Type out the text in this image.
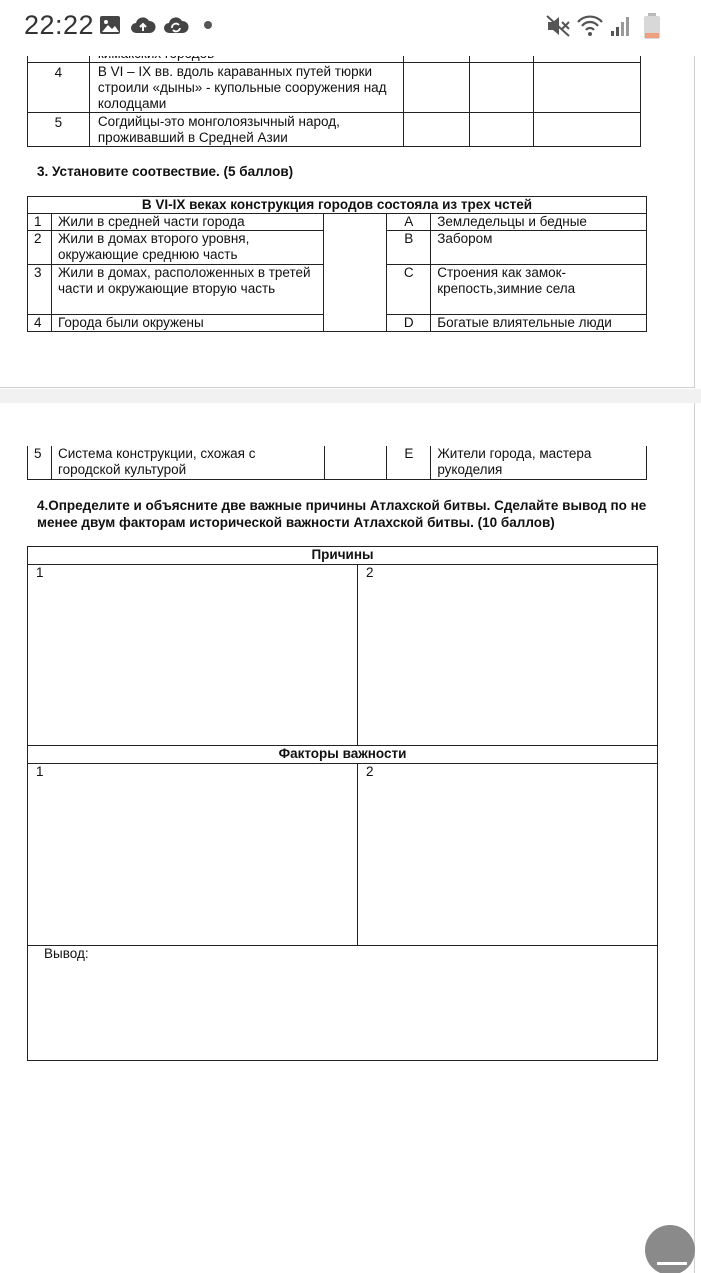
4	В VI – IX вв. вдоль караванных путей тюрки строили «дыны» - купольные сооружения над колодцами			
5	Согдийцы-это монголоязычный народ, проживавший в Средней Азии			
3. Установите соотвествие. (5 баллов)
В VI-IX веках конструкция городов состояла из трех чстей				
1	Жили в средней части города		A	Земледельцы и бедные
2	Жили в домах второго уровня, окружающие среднюю часть		B	Забором
3	Жили в домах, расположенных в третей части и окружающие вторую часть		C	Строения как замок-крепость,зимние села
4	Города были окружены		D	Богатые влиятельные люди
22:22
5	Система конструкции, схожая с городской культурой		E	Жители города, мастера рукоделия
4.Определите и объясните две важные причины Атлахской битвы. Сделайте вывод по не менее двум факторам исторической важности Атлахской битвы. (10 баллов)
Причины	
1	2
Факторы важности	
1	2
Вывод:	
